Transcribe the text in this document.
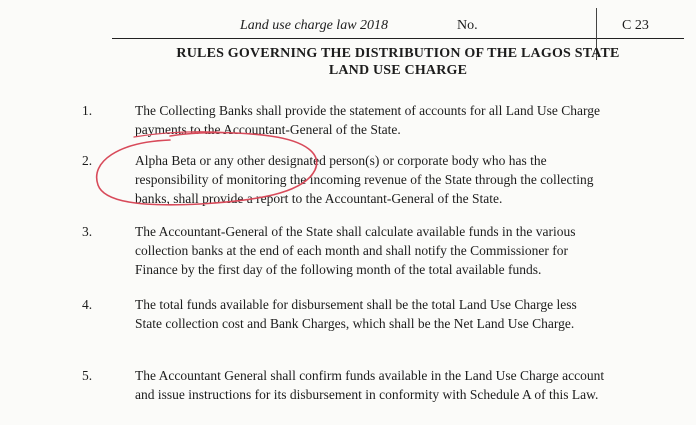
Land use charge law 2018	No.	C 23
RULES GOVERNING THE DISTRIBUTION OF THE LAGOS STATE
LAND USE CHARGE
1.	The Collecting Banks shall provide the statement of accounts for all Land Use Charge payments to the Accountant-General of the State.
2.	Alpha Beta or any other designated person(s) or corporate body who has the responsibility of monitoring the incoming revenue of the State through the collecting banks, shall provide a report to the Accountant-General of the State.
3.	The Accountant-General of the State shall calculate available funds in the various collection banks at the end of each month and shall notify the Commissioner for Finance by the first day of the following month of the total available funds.
4.	The total funds available for disbursement shall be the total Land Use Charge less State collection cost and Bank Charges, which shall be the Net Land Use Charge.
5.	The Accountant General shall confirm funds available in the Land Use Charge account and issue instructions for its disbursement in conformity with Schedule A of this Law.
